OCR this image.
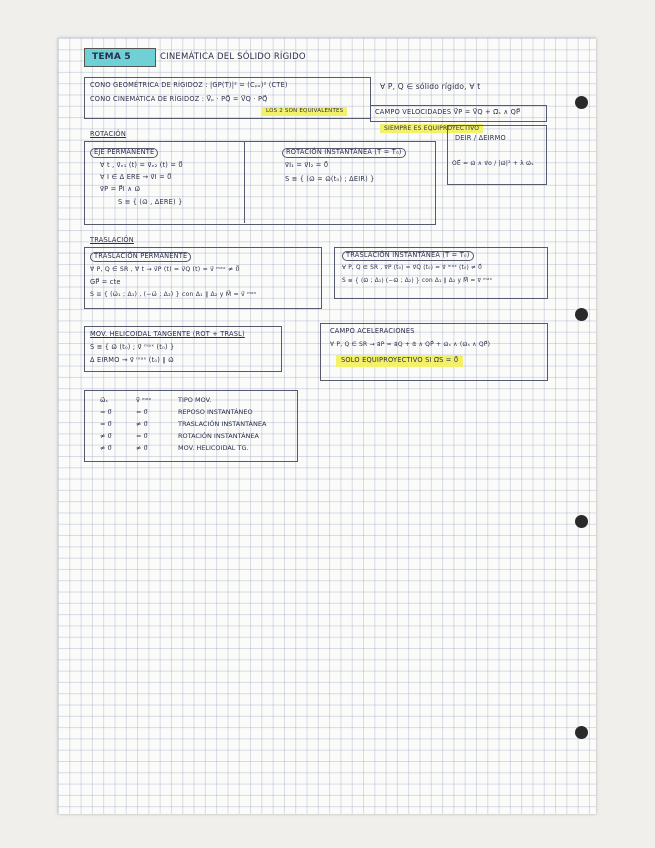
TEMA 5	CINEMÁTICA DEL SÓLIDO RÍGIDO
CONO GEOMÉTRICA DE RÍGIDOZ : |GP(T)|² = (Cₚₒ)² (CTE)	∀ P, Q ∈ sólido rígido, ∀ t
CONO CINEMÁTICA DE RÍGIDOZ : V⃗ₚ · PQ⃗ = V⃗Q · PQ⃗
LOS 2 SON EQUIVALENTES	CAMPO VELOCIDADES V⃗P = V⃗Q + Ω⃗ₛ ∧ QP⃗
SIEMPRE ES EQUIPROYECTIVO
ROTACIÓN
EJE PERMANENTE
∀ t , v⃗ₑ₁ (t) = v⃗ₑ₂ (t) = 0⃗
∀ I ∈ Δ ERE → v⃗I = 0⃗
v⃗P = P⃗I ∧ ω⃗
S ≡ { (ω⃗ , ΔERE) }
ROTACIÓN INSTANTÁNEA (T = T₀)
v⃗I₁ = v⃗I₂ = 0⃗
S ≡ { (ω⃗ = ω⃗(t₀) ; ΔEIR) }
DEIR / ΔEIRMO
OE⃗ = ω⃗ ∧ v⃗o / |ω⃗|² + λ ω⃗ₛ
TRASLACIÓN
TRASLACIÓN PERMANENTE
∀ P, Q ∈ SR , ∀ t → v⃗P (t) = v⃗Q (t) = v⃗ ᵐᵃˣ ≠ 0⃗
GP⃗ = cte
S ≡ { (ω⃗₁ ; Δ₁) , (−ω⃗ ; Δ₂) } con Δ₁ ∥ Δ₂ y M⃗ = v⃗ ᵐᵃˣ
TRASLACIÓN INSTANTÁNEA (T = T₀)
∀ P, Q ∈ SR , v⃗P (t₀) = v⃗Q (t₀) = v⃗ ᵐᵃˣ (t₀) ≠ 0⃗
S ≡ { (ω⃗ ; Δ₁) (−ω⃗ ; Δ₂) } con Δ₁ ∥ Δ₂ y M⃗ = v⃗ ᵐᵃˣ
MOV. HELICOIDAL TANGENTE (ROT + TRASL)
S ≡ { ω⃗ (t₀) ; v⃗ ᵐᵃˣ (t₀) }
Δ EIRMO → v⃗ ᵐᵃˣ (t₀) ∥ ω⃗
CAMPO ACELERACIONES
∀ P, Q ∈ SR → a⃗P = a⃗Q + α⃗ ∧ QP⃗ + ω⃗ₛ ∧ (ω⃗ₛ ∧ QP⃗)
SOLO EQUIPROYECTIVO SI Ω⃗S = 0⃗
ω⃗ₛ	v⃗ ᵐᵃˣ	TIPO MOV.
= 0⃗	= 0⃗	REPOSO INSTANTÁNEO
= 0⃗	≠ 0⃗	TRASLACIÓN INSTANTÁNEA
≠ 0⃗	= 0⃗	ROTACIÓN INSTANTÁNEA
≠ 0⃗	≠ 0⃗	MOV. HELICOIDAL TG.
